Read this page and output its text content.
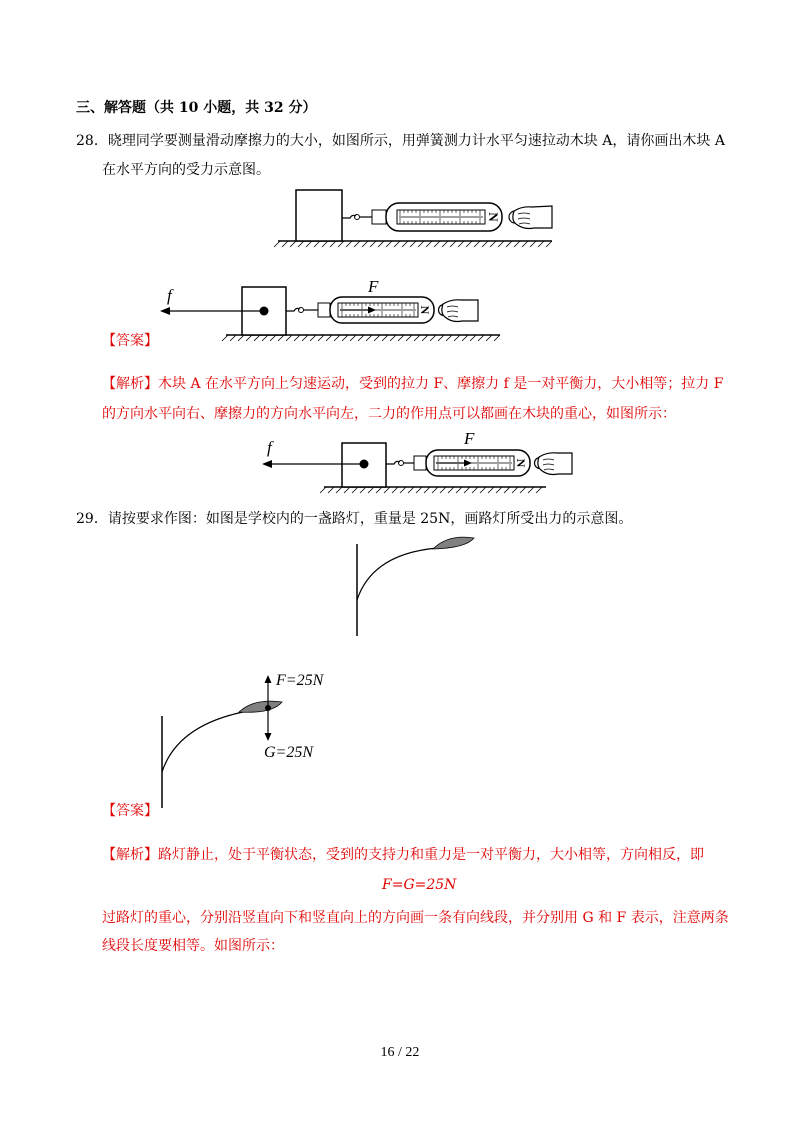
三、解答题（共 10 小题，共 32 分）
28．晓理同学要测量滑动摩擦力的大小，如图所示，用弹簧测力计水平匀速拉动木块 A，请你画出木块 A
在水平方向的受力示意图。
N
N
f	F
【答案】
【解析】木块 A 在水平方向上匀速运动，受到的拉力 F、摩擦力 f 是一对平衡力，大小相等；拉力 F
的方向水平向右、摩擦力的方向水平向左，二力的作用点可以都画在木块的重心，如图所示：
N
f	F
29．请按要求作图：如图是学校内的一盏路灯，重量是 25N，画路灯所受出力的示意图。
F=25N
G=25N
【答案】
【解析】路灯静止，处于平衡状态，受到的支持力和重力是一对平衡力，大小相等，方向相反，即
F=G=25N
过路灯的重心，分别沿竖直向下和竖直向上的方向画一条有向线段，并分别用 G 和 F 表示，注意两条
线段长度要相等。如图所示：
16 / 22
